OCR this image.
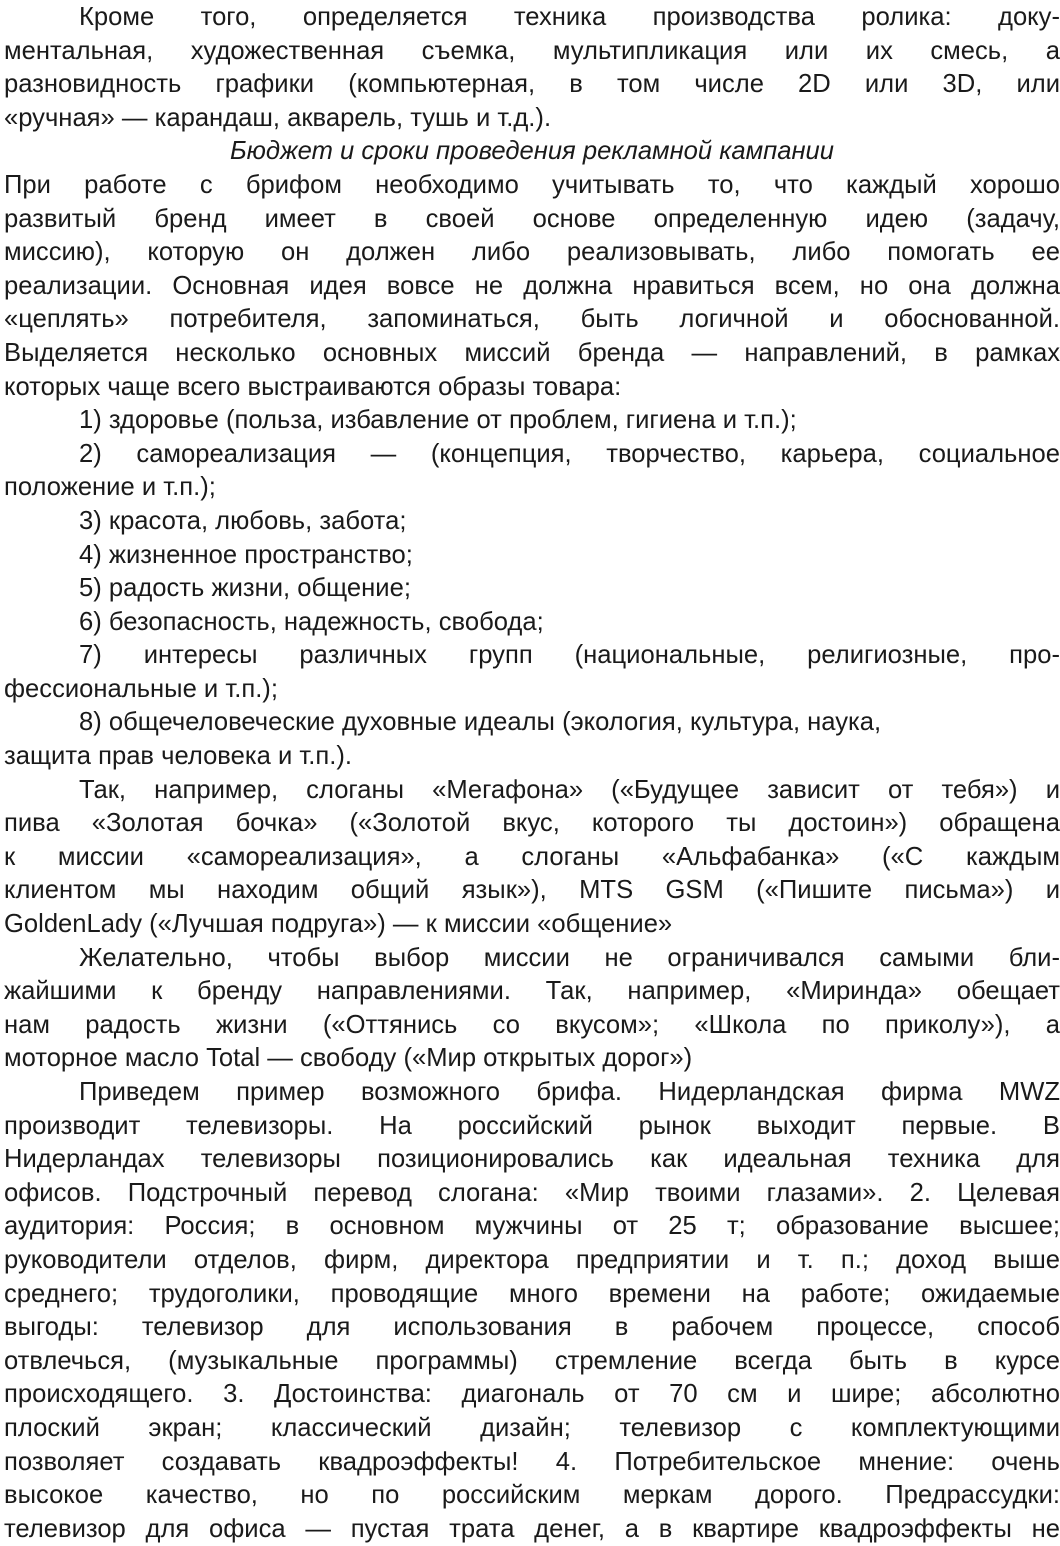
Кроме того, определяется техника производства ролика: доку-
ментальная, художественная съемка, мультипликация или их смесь, а
разновидность графики (компьютерная, в том числе 2D или 3D, или
«ручная» — карандаш, акварель, тушь и т.д.).
Бюджет и сроки проведения рекламной кампании
При работе с брифом необходимо учитывать то, что каждый хорошо
развитый бренд имеет в своей основе определенную идею (задачу,
миссию), которую он должен либо реализовывать, либо помогать ее
реализации. Основная идея вовсе не должна нравиться всем, но она должна
«цеплять» потребителя, запоминаться, быть логичной и обоснованной.
Выделяется несколько основных миссий бренда — направлений, в рамках
которых чаще всего выстраиваются образы товара:
1) здоровье (польза, избавление от проблем, гигиена и т.п.);
2) самореализация — (концепция, творчество, карьера, социальное
положение и т.п.);
3) красота, любовь, забота;
4) жизненное пространство;
5) радость жизни, общение;
6) безопасность, надежность, свобода;
7) интересы различных групп (национальные, религиозные, про-
фессиональные и т.п.);
8) общечеловеческие духовные идеалы (экология, культура, наука,
защита прав человека и т.п.).
Так, например, слоганы «Мегафона» («Будущее зависит от тебя») и
пива «Золотая бочка» («Золотой вкус, которого ты достоин») обращена
к миссии «самореализация», а слоганы «Альфабанка» («С каждым
клиентом мы находим общий язык»), MTS GSM («Пишите письма») и
GoldenLady («Лучшая подруга») — к миссии «общение»
Желательно, чтобы выбор миссии не ограничивался самыми бли-
жайшими к бренду направлениями. Так, например, «Миринда» обещает
нам радость жизни («Оттянись со вкусом»; «Школа по приколу»), а
моторное масло Total — свободу («Мир открытых дорог»)
Приведем пример возможного брифа. Нидерландская фирма MWZ
производит телевизоры. На российский рынок выходит первые. В
Нидерландах телевизоры позиционировались как идеальная техника для
офисов. Подстрочный перевод слогана: «Мир твоими глазами». 2. Целевая
аудитория: Россия; в основном мужчины от 25 т; образование высшее;
руководители отделов, фирм, директора предприятии и т. п.; доход выше
среднего; трудоголики, проводящие много времени на работе; ожидаемые
выгоды: телевизор для использования в рабочем процессе, способ
отвлечься, (музыкальные программы) стремление всегда быть в курсе
происходящего. 3. Достоинства: диагональ от 70 см и шире; абсолютно
плоский экран; классический дизайн; телевизор с комплектующими
позволяет создавать квадроэффекты! 4. Потребительское мнение: очень
высокое качество, но по российским меркам дорого. Предрассудки:
телевизор для офиса — пустая трата денег, а в квартире квадроэффекты не
